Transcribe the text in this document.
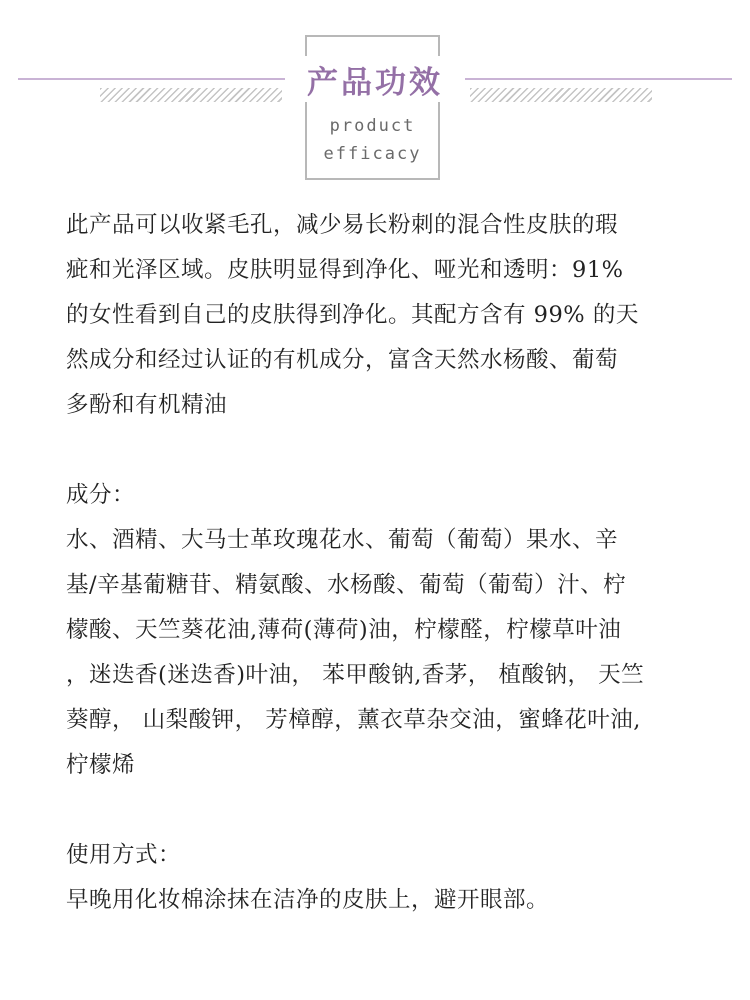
产品功效
product
efficacy

此产品可以收紧毛孔，减少易长粉刺的混合性皮肤的瑕
疵和光泽区域。皮肤明显得到净化、哑光和透明：91%
的女性看到自己的皮肤得到净化。其配方含有 99% 的天
然成分和经过认证的有机成分，富含天然水杨酸、葡萄
多酚和有机精油

成分：

水、酒精、大马士革玫瑰花水、葡萄（葡萄）果水、辛
基/辛基葡糖苷、精氨酸、水杨酸、葡萄（葡萄）汁、柠
檬酸、天竺葵花油,薄荷(薄荷)油，柠檬醛，柠檬草叶油
，迷迭香(迷迭香)叶油， 苯甲酸钠,香茅， 植酸钠， 天竺
葵醇， 山梨酸钾， 芳樟醇，薰衣草杂交油，蜜蜂花叶油,
柠檬烯

使用方式：

早晚用化妆棉涂抹在洁净的皮肤上，避开眼部。
